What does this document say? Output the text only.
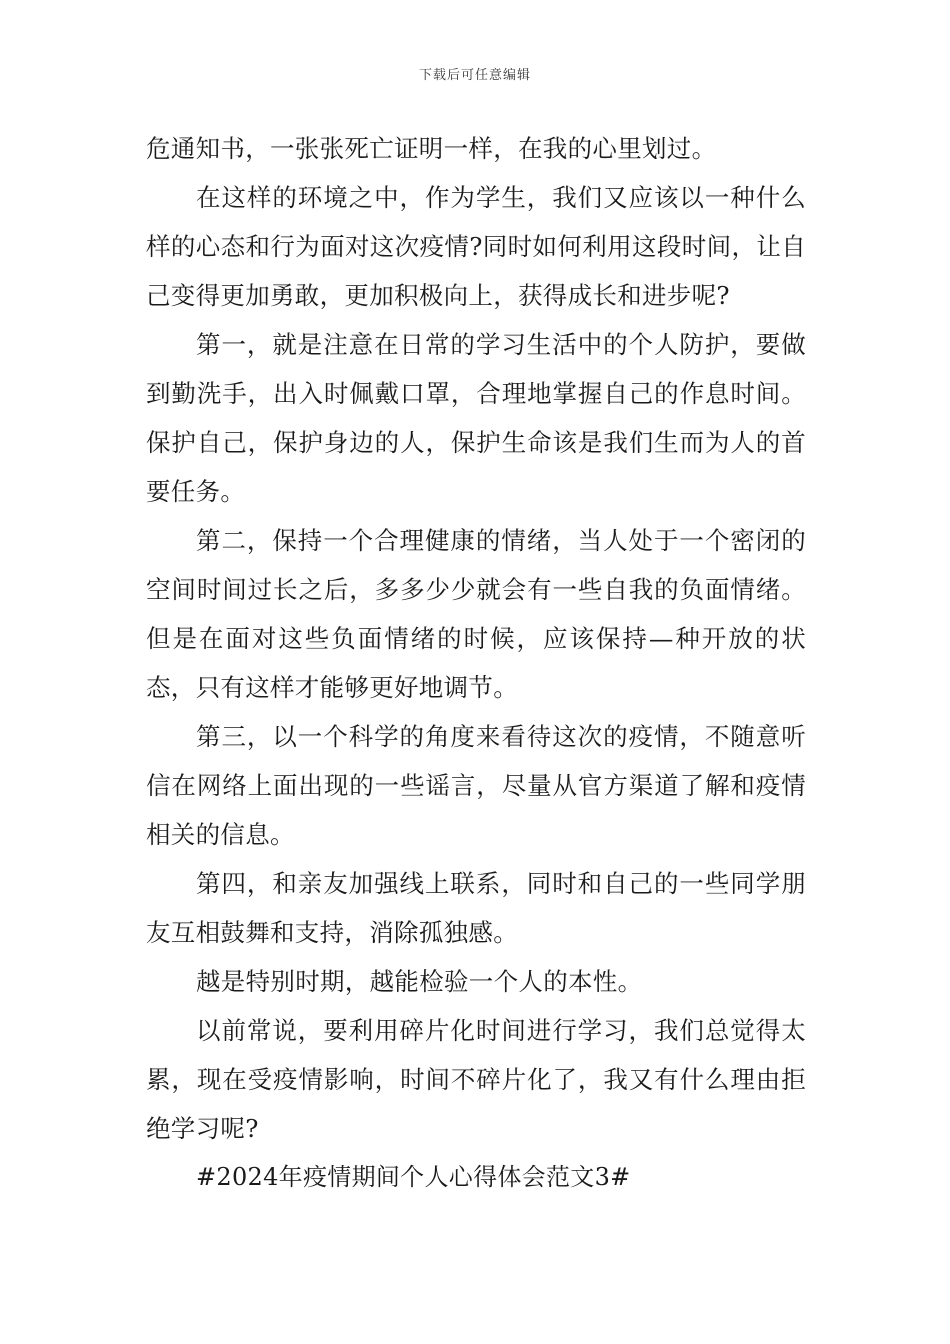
下载后可任意编辑

危通知书，一张张死亡证明一样，在我的心里划过。

在这样的环境之中，作为学生，我们又应该以一种什么样的心态和行为面对这次疫情?同时如何利用这段时间，让自己变得更加勇敢，更加积极向上，获得成长和进步呢?

第一，就是注意在日常的学习生活中的个人防护，要做到勤洗手，出入时佩戴口罩，合理地掌握自己的作息时间。保护自己，保护身边的人，保护生命该是我们生而为人的首要任务。

第二，保持一个合理健康的情绪，当人处于一个密闭的空间时间过长之后，多多少少就会有一些自我的负面情绪。但是在面对这些负面情绪的时候，应该保持—种开放的状态，只有这样才能够更好地调节。

第三，以一个科学的角度来看待这次的疫情，不随意听信在网络上面出现的一些谣言，尽量从官方渠道了解和疫情相关的信息。

第四，和亲友加强线上联系，同时和自己的一些同学朋友互相鼓舞和支持，消除孤独感。

越是特别时期，越能检验一个人的本性。

以前常说，要利用碎片化时间进行学习，我们总觉得太累，现在受疫情影响，时间不碎片化了，我又有什么理由拒绝学习呢?

#2024年疫情期间个人心得体会范文3#
